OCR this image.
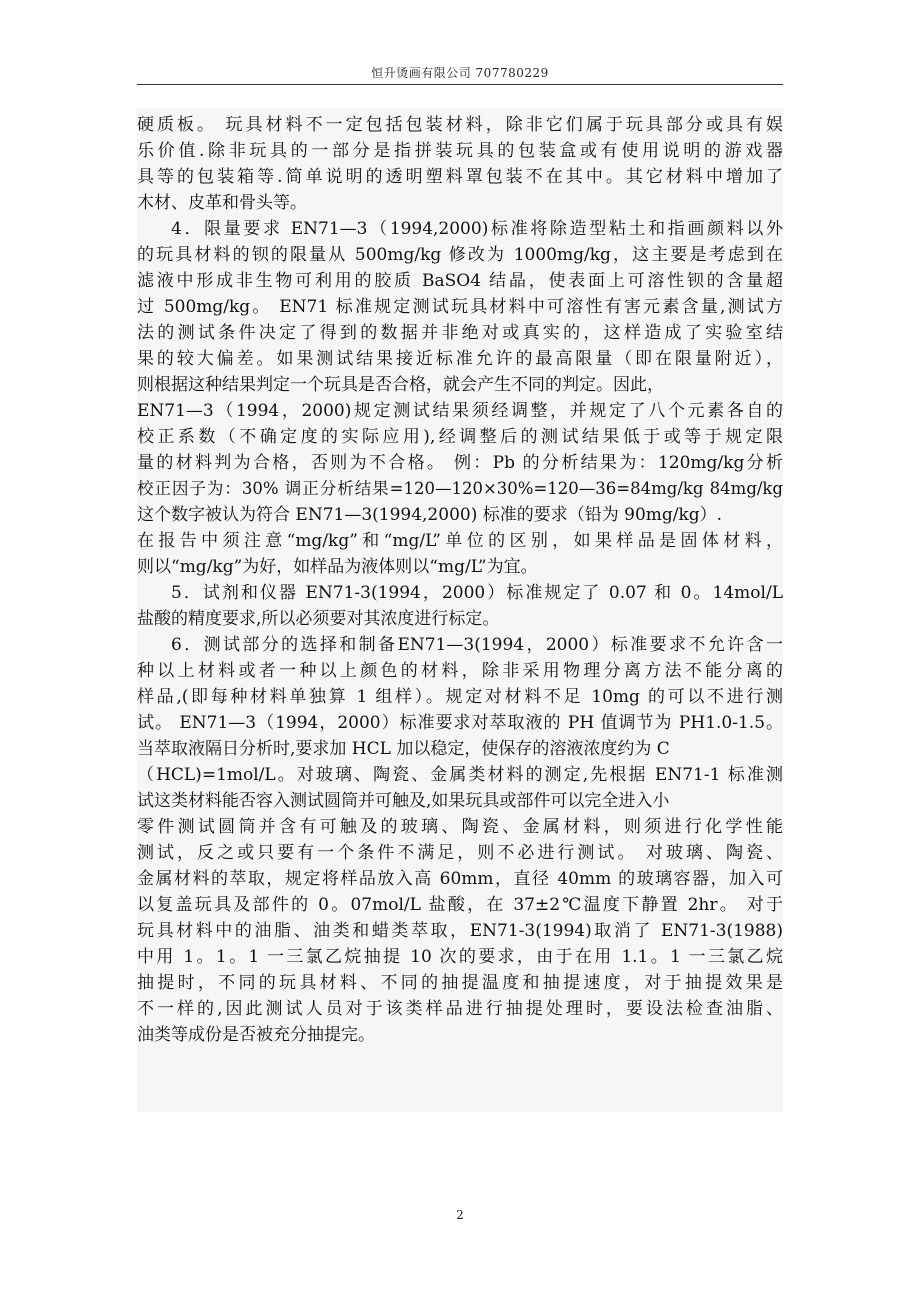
恒升烫画有限公司 707780229
硬质板。 玩具材料不一定包括包装材料，除非它们属于玩具部分或具有娱
乐价值.除非玩具的一部分是指拼装玩具的包装盒或有使用说明的游戏器
具等的包装箱等.简单说明的透明塑料罩包装不在其中。其它材料中增加了
木材、皮革和骨头等。
4．限量要求 EN71—3（1994,2000)标准将除造型粘土和指画颜料以外
的玩具材料的钡的限量从 500mg/kg 修改为 1000mg/kg，这主要是考虑到在
滤液中形成非生物可利用的胶质 BaSO4 结晶，使表面上可溶性钡的含量超
过 500mg/kg。 EN71 标准规定测试玩具材料中可溶性有害元素含量,测试方
法的测试条件决定了得到的数据并非绝对或真实的，这样造成了实验室结
果的较大偏差。如果测试结果接近标准允许的最高限量（即在限量附近），
则根据这种结果判定一个玩具是否合格，就会产生不同的判定。因此，
EN71—3（1994，2000)规定测试结果须经调整，并规定了八个元素各自的
校正系数（不确定度的实际应用),经调整后的测试结果低于或等于规定限
量的材料判为合格，否则为不合格。 例：Pb 的分析结果为：120mg/kg分析
校正因子为：30% 调正分析结果=120—120×30%=120—36=84mg/kg 84mg/kg
这个数字被认为符合 EN71—3(1994,2000) 标准的要求（铅为 90mg/kg）.
在报告中须注意“mg/kg”和“mg/L”单位的区别，如果样品是固体材料，
则以“mg/kg”为好，如样品为液体则以“mg/L”为宜。
5．试剂和仪器 EN71-3(1994，2000）标准规定了 0.07 和 0。14mol/L
盐酸的精度要求,所以必须要对其浓度进行标定。
6．测试部分的选择和制备EN71—3(1994，2000）标准要求不允许含一
种以上材料或者一种以上颜色的材料，除非采用物理分离方法不能分离的
样品,(即每种材料单独算 1 组样）。规定对材料不足 10mg 的可以不进行测
试。 EN71—3（1994，2000）标准要求对萃取液的 PH 值调节为 PH1.0-1.5。
当萃取液隔日分析时,要求加 HCL 加以稳定，使保存的溶液浓度约为 C
（HCL)=1mol/L。对玻璃、陶瓷、金属类材料的测定,先根据 EN71-1 标准测
试这类材料能否容入测试圆筒并可触及,如果玩具或部件可以完全进入小
零件测试圆筒并含有可触及的玻璃、陶瓷、金属材料，则须进行化学性能
测试，反之或只要有一个条件不满足，则不必进行测试。 对玻璃、陶瓷、
金属材料的萃取，规定将样品放入高 60mm，直径 40mm 的玻璃容器，加入可
以复盖玩具及部件的 0。07mol/L 盐酸，在 37±2℃温度下静置 2hr。 对于
玩具材料中的油脂、油类和蜡类萃取，EN71-3(1994)取消了 EN71-3(1988)
中用 1。1。1 一三氯乙烷抽提 10 次的要求，由于在用 1.1。1 一三氯乙烷
抽提时，不同的玩具材料、不同的抽提温度和抽提速度，对于抽提效果是
不一样的,因此测试人员对于该类样品进行抽提处理时，要设法检查油脂、
油类等成份是否被充分抽提完。
2
